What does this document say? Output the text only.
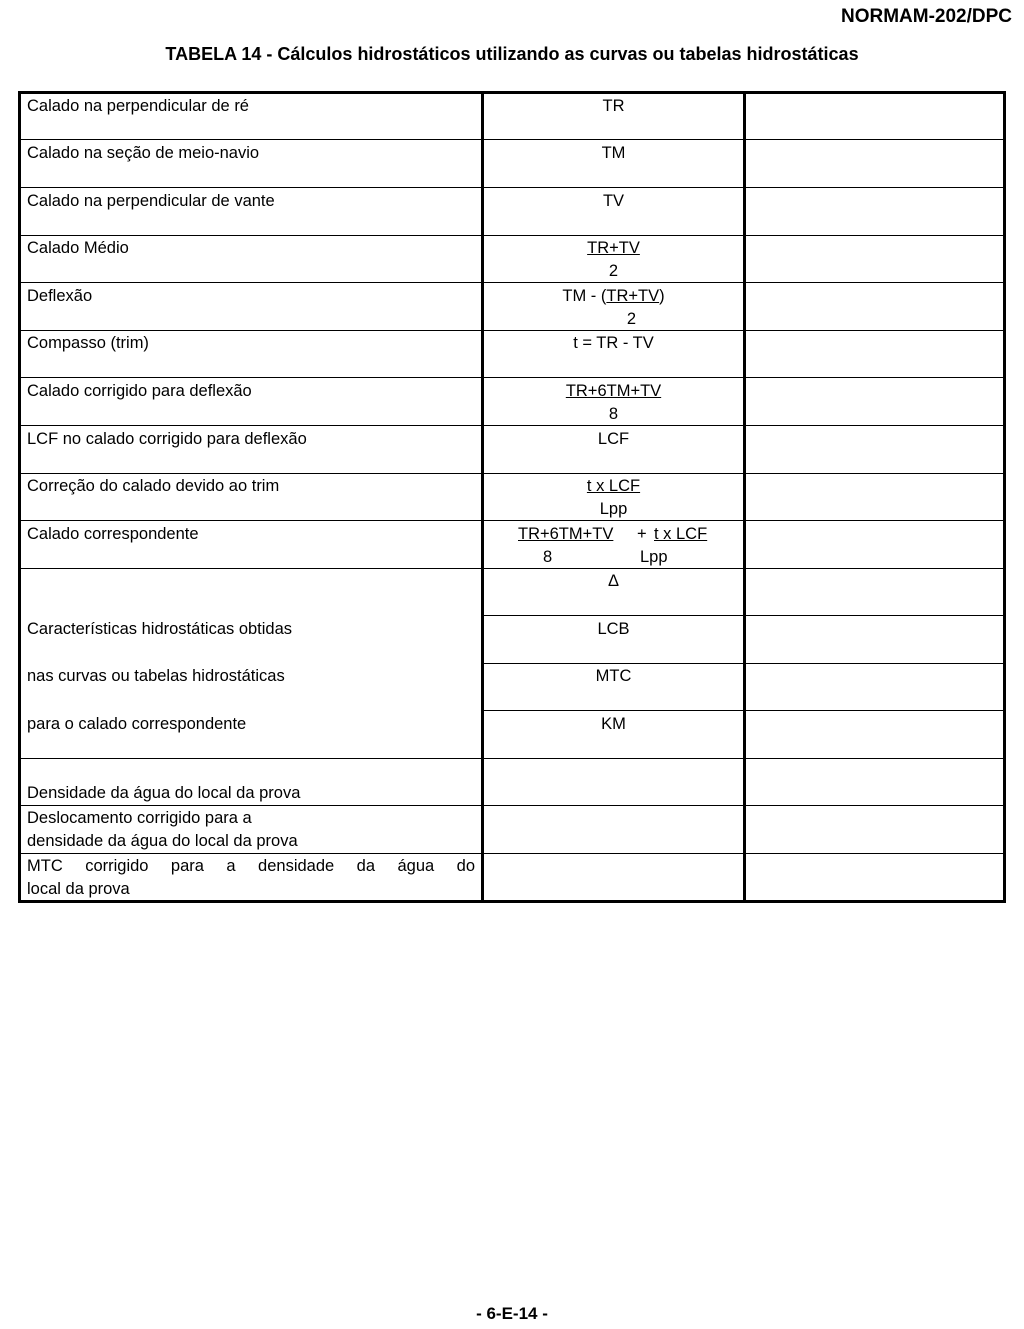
NORMAM-202/DPC
TABELA 14 - Cálculos hidrostáticos utilizando as curvas ou tabelas hidrostáticas
Calado na perpendicular de ré
Calado na seção de meio-navio
Calado na perpendicular de vante
Calado Médio
Deflexão
Compasso (trim)
Calado corrigido para deflexão
LCF no calado corrigido para deflexão
Correção do calado devido ao trim
Calado correspondente
TR
TM
TV
TR+TV
2
TM - (TR+TV)
2
t = TR - TV
TR+6TM+TV
8
LCF
t x LCF
Lpp
TR+6TM+TV + t x LCF
8	Lpp
Características hidrostáticas obtidas
nas curvas ou tabelas hidrostáticas
para o calado correspondente
Δ
LCB
MTC
KM
Densidade da água do local da prova
Deslocamento corrigido para a
densidade da água do local da prova
MTC corrigido para a densidade da água do
local da prova
- 6-E-14 -
